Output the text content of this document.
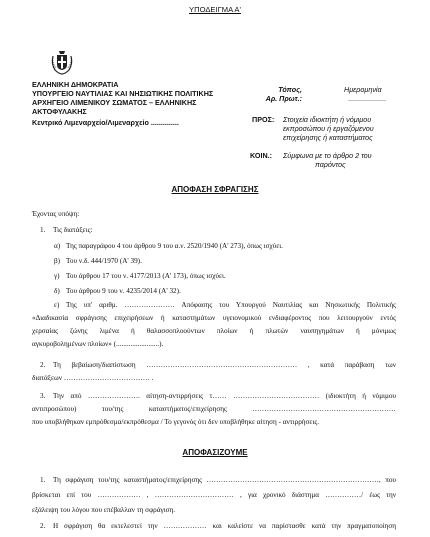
ΥΠΟΔΕΙΓΜΑ Α'
ΕΛΛΗΝΙΚΗ ΔΗΜΟΚΡΑΤΙΑ
ΥΠΟΥΡΓΕΙΟ ΝΑΥΤΙΛΙΑΣ ΚΑΙ ΝΗΣΙΩΤΙΚΗΣ ΠΟΛΙΤΙΚΗΣ
ΑΡΧΗΓΕΙΟ ΛΙΜΕΝΙΚΟΥ ΣΩΜΑΤΟΣ – ΕΛΛΗΝΙΚΗΣ
ΑΚΤΟΦΥΛΑΚΗΣ
Κεντρικό Λιμεναρχείο/Λιμεναρχείο ..............
Τόπος,	Ημερομηνία
Αρ. Πρωτ.:	...................
ΠΡΟΣ: Στοιχεία ιδιοκτήτη ή νόμιμου
εκπροσώπου ή εργαζόμενου
επιχείρησης ή καταστήματος
ΚΟΙΝ.: Σύμφωνα με το άρθρο 2 του
παρόντος
ΑΠΟΦΑΣΗ ΣΦΡΑΓΙΣΗΣ
Έχοντας υπόψη:
1. Τις διατάξεις:
α) Της παραγράφου 4 του άρθρου 9 του α.ν. 2520/1940 (Α' 273), όπως ισχύει.
β) Του ν.δ. 444/1970 (Α' 39).
γ) Του άρθρου 17 του ν. 4177/2013 (Α' 173), όπως ισχύει.
δ) Του άρθρου 9 του ν. 4235/2014 (Α' 32).
ε) Της υπ' αριθμ. ………………… Απόφασης του Υπουργού Ναυτιλίας και Νησιωτικής Πολιτικής
«Διαδικασία σφράγισης επιχειρήσεων ή καταστημάτων υγειονομικού ενδιαφέροντος που λειτουργούν εντός
χερσαίας ζώνης λιμένα ή θαλασσοπλοούντων πλοίων ή πλωτών ναυπηγημάτων ή μόνιμως
αγκυροβολημένων πλοίων» (........................).
2. Τη βεβαίωση/διαπίστωση ……………………………………………………… , κατά παράβαση των
διατάξεων ……………………………… .
3. Την από …………………. αίτηση-αντιρρήσεις τ…… ……………………………… (ιδιοκτήτη ή νόμιμου
αντιπροσώπου) του/της καταστήματος/επιχείρησης ……………………………………………………
που υποβλήθηκαν εμπρόθεσμα/εκπρόθεσμα / Το γεγονός ότι δεν υποβλήθηκε αίτηση - αντιρρήσεις.
ΑΠΟΦΑΣΙΖΟΥΜΕ
1. Τη σφράγιση του/της καταστήματος/επιχείρησης ………………………………………………………………, που
βρίσκεται επί του ……………… , …………………………… , για χρονικό διάστημα ……………/ έως την
εξάλειψη του λόγου που επέβαλλαν τη σφράγιση.
2. Η σφράγιση θα εκτελεστεί την ……………… και καλείστε να παρίστασθε κατά την πραγματοποίηση
